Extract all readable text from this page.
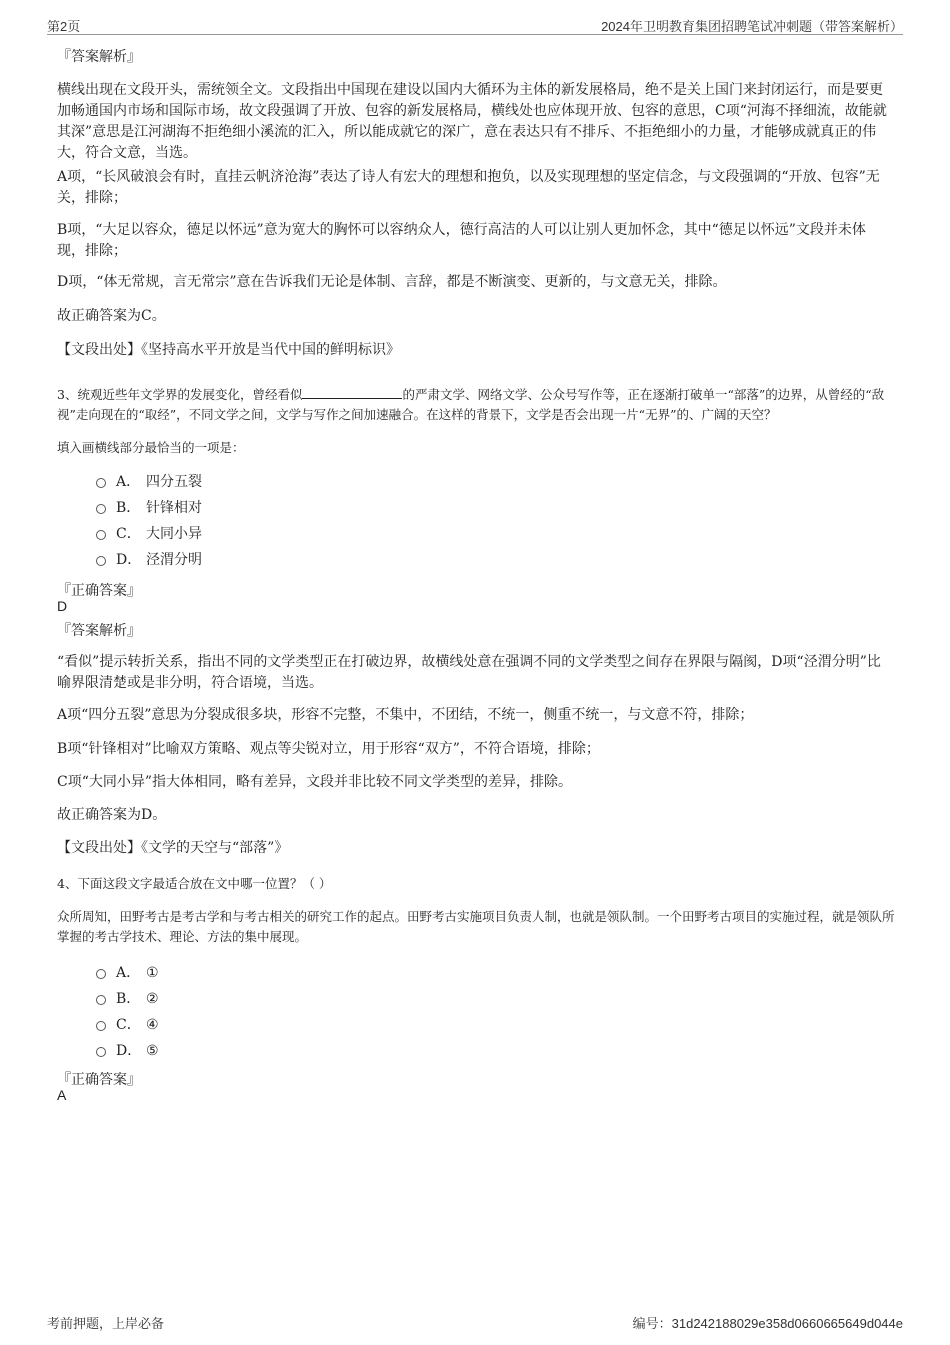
第2页	2024年卫明教育集团招聘笔试冲刺题（带答案解析）
『答案解析』
横线出现在文段开头，需统领全文。文段指出中国现在建设以国内大循环为主体的新发展格局，绝不是关上国门来封闭运行，而是要更加畅通国内市场和国际市场，故文段强调了开放、包容的新发展格局，横线处也应体现开放、包容的意思，C项“河海不择细流，故能就其深”意思是江河湖海不拒绝细小溪流的汇入，所以能成就它的深广，意在表达只有不排斥、不拒绝细小的力量，才能够成就真正的伟大，符合文意，当选。
A项，“长风破浪会有时，直挂云帆济沧海”表达了诗人有宏大的理想和抱负，以及实现理想的坚定信念，与文段强调的“开放、包容”无关，排除；
B项，“大足以容众，德足以怀远”意为宽大的胸怀可以容纳众人，德行高洁的人可以让别人更加怀念，其中“德足以怀远”文段并未体现，排除；
D项，“体无常规，言无常宗”意在告诉我们无论是体制、言辞，都是不断演变、更新的，与文意无关，排除。
故正确答案为C。
【文段出处】《坚持高水平开放是当代中国的鲜明标识》
3、统观近些年文学界的发展变化，曾经看似	的严肃文学、网络文学、公众号写作等，正在逐渐打破单一“部落”的边界，从曾经的“敌视”走向现在的“取经”，不同文学之间，文学与写作之间加速融合。在这样的背景下，文学是否会出现一片“无界”的、广阔的天空？
填入画横线部分最恰当的一项是：
A． 四分五裂
B． 针锋相对
C． 大同小异
D． 泾渭分明
『正确答案』
D
『答案解析』
“看似”提示转折关系，指出不同的文学类型正在打破边界，故横线处意在强调不同的文学类型之间存在界限与隔阂，D项“泾渭分明”比喻界限清楚或是非分明，符合语境，当选。
A项“四分五裂”意思为分裂成很多块，形容不完整，不集中，不团结，不统一，侧重不统一，与文意不符，排除；
B项“针锋相对”比喻双方策略、观点等尖锐对立，用于形容“双方”，不符合语境，排除；
C项“大同小异”指大体相同，略有差异，文段并非比较不同文学类型的差异，排除。
故正确答案为D。
【文段出处】《文学的天空与“部落”》
4、下面这段文字最适合放在文中哪一位置？（ ）
众所周知，田野考古是考古学和与考古相关的研究工作的起点。田野考古实施项目负责人制，也就是领队制。一个田野考古项目的实施过程，就是领队所掌握的考古学技术、理论、方法的集中展现。
A． ①
B． ②
C． ④
D． ⑤
『正确答案』
A
考前押题，上岸必备	编号：31d242188029e358d0660665649d044e
